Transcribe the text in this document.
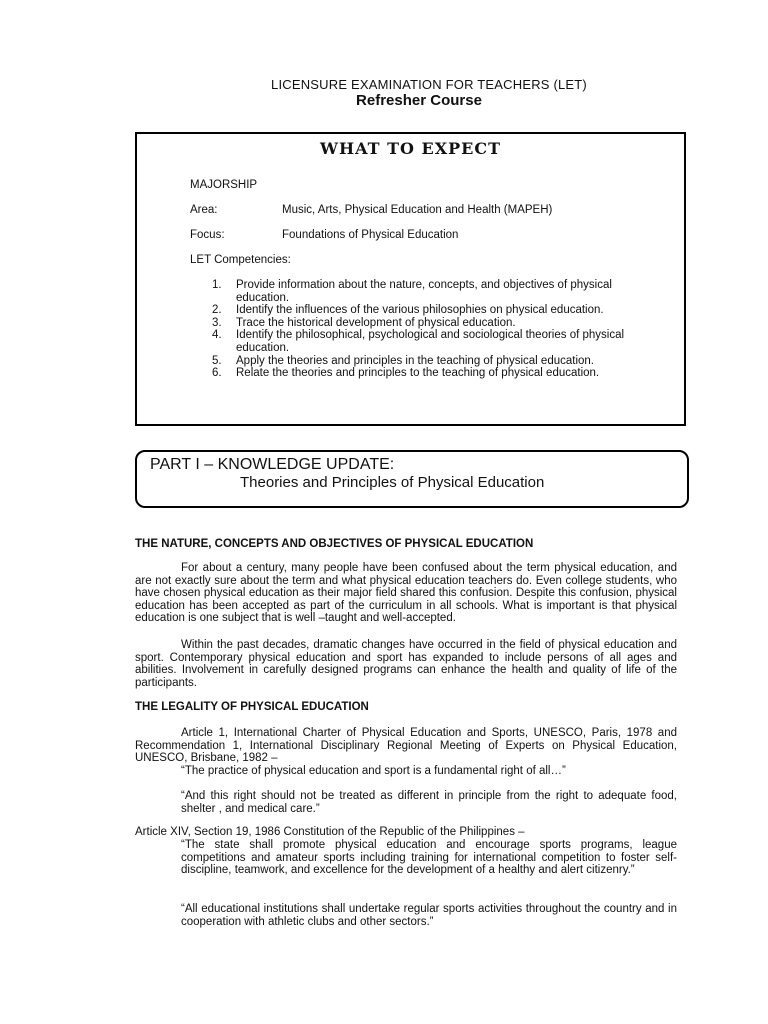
LICENSURE EXAMINATION FOR TEACHERS (LET)
Refresher Course
WHAT TO EXPECT
MAJORSHIP
Area:	Music, Arts, Physical Education and Health (MAPEH)
Focus:	Foundations of Physical Education
LET Competencies:
1.	Provide information about the nature, concepts, and objectives of physical education.
2.	Identify the influences of the various philosophies on physical education.
3.	Trace the historical development of physical education.
4.	Identify the philosophical, psychological and sociological theories of physical education.
5.	Apply the theories and principles in the teaching of physical education.
6.	Relate the theories and principles to the teaching of physical education.
PART I – KNOWLEDGE UPDATE:
Theories and Principles of Physical Education
THE NATURE, CONCEPTS AND OBJECTIVES OF PHYSICAL EDUCATION
For about a century, many people have been confused about the term physical education, and are not exactly sure about the term and what physical education teachers do. Even college students, who have chosen physical education as their major field shared this confusion. Despite this confusion, physical education has been accepted as part of the curriculum in all schools. What is important is that physical education is one subject that is well –taught and well-accepted.
Within the past decades, dramatic changes have occurred in the field of physical education and sport. Contemporary physical education and sport has expanded to include persons of all ages and abilities. Involvement in carefully designed programs can enhance the health and quality of life of the participants.
THE LEGALITY OF PHYSICAL EDUCATION
Article 1, International Charter of Physical Education and Sports, UNESCO, Paris, 1978 and Recommendation 1, International Disciplinary Regional Meeting of Experts on Physical Education, UNESCO, Brisbane, 1982 –
“The practice of physical education and sport is a fundamental right of all…”
“And this right should not be treated as different in principle from the right to adequate food, shelter , and medical care.”
Article XIV, Section 19, 1986 Constitution of the Republic of the Philippines –
“The state shall promote physical education and encourage sports programs, league competitions and amateur sports including training for international competition to foster self-discipline, teamwork, and excellence for the development of a healthy and alert citizenry.”
“All educational institutions shall undertake regular sports activities throughout the country and in cooperation with athletic clubs and other sectors.”
